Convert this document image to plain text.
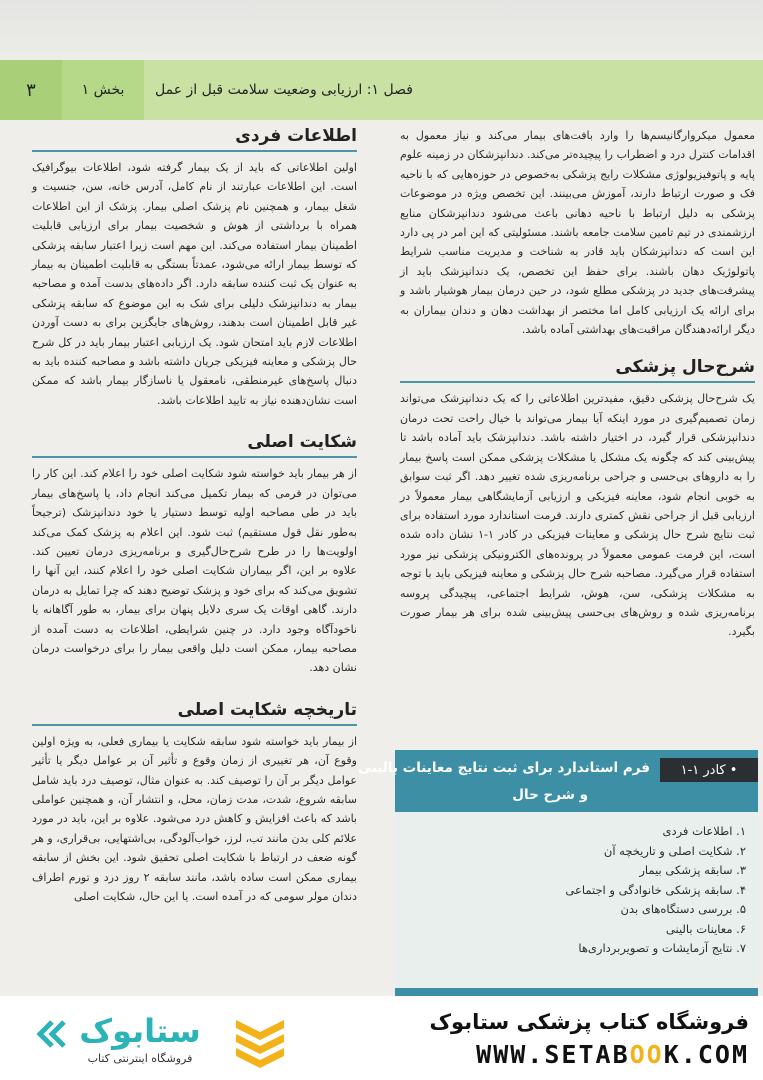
۳	بخش ۱	فصل ۱: ارزیابی وضعیت سلامت قبل از عمل
اطلاعات فردی

اولین اطلاعاتی که باید از یک بیمار گرفته شود، اطلاعات بیوگرافیک است. این اطلاعات عبارتند از نام کامل، آدرس خانه، سن، جنسیت و شغل بیمار، و همچنین نام پزشک اصلی بیمار. پزشک از این اطلاعات همراه با برداشتی از هوش و شخصیت بیمار برای ارزیابی قابلیت اطمینان بیمار استفاده می‌کند. این مهم است زیرا اعتبار سابقه پزشکی که توسط بیمار ارائه می‌شود، عمدتاً بستگی به قابلیت اطمینان به بیمار به عنوان یک ثبت کننده سابقه دارد. اگر داده‌های بدست آمده و مصاحبه بیمار به دندانپزشک دلیلی برای شک به این موضوع که سابقه پزشکی غیر قابل اطمینان است بدهند، روش‌های جایگزین برای به دست آوردن اطلاعات لازم باید امتحان شود. یک ارزیابی اعتبار بیمار باید در کل شرح حال پزشکی و معاینه فیزیکی جریان داشته باشد و مصاحبه کننده باید به دنبال پاسخ‌های غیرمنطقی، نامعقول یا ناسازگار بیمار باشد که ممکن است نشان‌دهنده نیاز به تایید اطلاعات باشد.

شکایت اصلی

از هر بیمار باید خواسته شود شکایت اصلی خود را اعلام کند. این کار را می‌توان در فرمی که بیمار تکمیل می‌کند انجام داد، یا پاسخ‌های بیمار باید در طی مصاحبه اولیه توسط دستیار یا خود دندانپزشک (ترجیحاً به‌طور نقل قول مستقیم) ثبت شود. این اعلام به پزشک کمک می‌کند اولویت‌ها را در طرح شرح‌حال‌گیری و برنامه‌ریزی درمان تعیین کند. علاوه بر این، اگر بیماران شکایت اصلی خود را اعلام کنند، این آنها را تشویق می‌کند که برای خود و پزشک توضیح دهند که چرا تمایل به درمان دارند. گاهی اوقات یک سری دلایل پنهان برای بیمار، به طور آگاهانه یا ناخودآگاه وجود دارد. در چنین شرایطی، اطلاعات به دست آمده از مصاحبه بیمار، ممکن است دلیل واقعی بیمار را برای درخواست درمان نشان دهد.

تاریخچه شکایت اصلی

از بیمار باید خواسته شود سابقه شکایت یا بیماری فعلی، به ویژه اولین وقوع آن، هر تغییری از زمان وقوع و تأثیر آن بر عوامل دیگر یا تأثیر عوامل دیگر بر آن را توصیف کند. به عنوان مثال، توصیف درد باید شامل سابقه شروع، شدت، مدت زمان، محل، و انتشار آن، و همچنین عواملی باشد که باعث افزایش و کاهش درد می‌شود. علاوه بر این، باید در مورد علائم کلی بدن مانند تب، لرز، خواب‌آلودگی، بی‌اشتهایی، بی‌قراری، و هر گونه ضعف در ارتباط با شکایت اصلی تحقیق شود. این بخش از سابقه بیماری ممکن است ساده باشد، مانند سابقه ۲ روز درد و تورم اطراف دندان مولر سومی که در آمده است. یا این حال، شکایت اصلی

معمول میکروارگانیسم‌ها را وارد بافت‌های بیمار می‌کند و نیاز معمول به اقدامات کنترل درد و اضطراب را پیچیده‌تر می‌کند. دندانپزشکان در زمینه علوم پایه و پاتوفیزیولوژی مشکلات رایج پزشکی به‌خصوص در حوزه‌هایی که با ناحیه فک و صورت ارتباط دارند، آموزش می‌بینند. این تخصص ویژه در موضوعات پزشکی به دلیل ارتباط با ناحیه دهانی باعث می‌شود دندانپزشکان منابع ارزشمندی در تیم تامین سلامت جامعه باشند. مسئولیتی که این امر در پی دارد این است که دندانپزشکان باید قادر به شناخت و مدیریت مناسب شرایط پاتولوژیک دهان باشند. برای حفظ این تخصص، یک دندانپزشک باید از پیشرفت‌های جدید در پزشکی مطلع شود، در حین درمان بیمار هوشیار باشد و برای ارائه یک ارزیابی کامل اما مختصر از بهداشت دهان و دندان بیماران به دیگر ارائه‌دهندگان مراقبت‌های بهداشتی آماده باشد.

شرح‌حال پزشکی

یک شرح‌حال پزشکی دقیق، مفیدترین اطلاعاتی را که یک دندانپزشک می‌تواند زمان تصمیم‌گیری در مورد اینکه آیا بیمار می‌تواند با خیال راحت تحت درمان دندانپزشکی قرار گیرد، در اختیار داشته باشد. دندانپزشک باید آماده باشد تا پیش‌بینی کند که چگونه یک مشکل یا مشکلات پزشکی ممکن است پاسخ بیمار را به داروهای بی‌حسی و جراحی برنامه‌ریزی شده تغییر دهد. اگر ثبت سوابق به خوبی انجام شود، معاینه فیزیکی و ارزیابی آزمایشگاهی بیمار معمولاً در ارزیابی قبل از جراحی نقش کمتری دارند. فرمت استاندارد مورد استفاده برای ثبت نتایج شرح حال پزشکی و معاینات فیزیکی در کادر ۱-۱ نشان داده شده است، این فرمت عمومی معمولاً در پرونده‌های الکترونیکی پزشکی نیز مورد استفاده قرار می‌گیرد. مصاحبه شرح حال پزشکی و معاینه فیزیکی باید با توجه به مشکلات پزشکی، سن، هوش، شرایط اجتماعی، پیچیدگی پروسه برنامه‌ریزی شده و روش‌های بی‌حسی پیش‌بینی شده برای هر بیمار صورت بگیرد.

• کادر ۱-۱
فرم استاندارد برای ثبت نتایج معاینات بالینی
و شرح حال
۱. اطلاعات فردی
۲. شکایت اصلی و تاریخچه آن
۳. سابقه پزشکی بیمار
۴. سابقه پزشکی خانوادگی و اجتماعی
۵. بررسی دستگاه‌های بدن
۶. معاینات بالینی
۷. نتایج آزمایشات و تصویربرداری‌ها
ستابوک
فروشگاه اینترنتی کتاب
فروشگاه کتاب پزشکی ستابوک
WWW.SETABOOK.COM
